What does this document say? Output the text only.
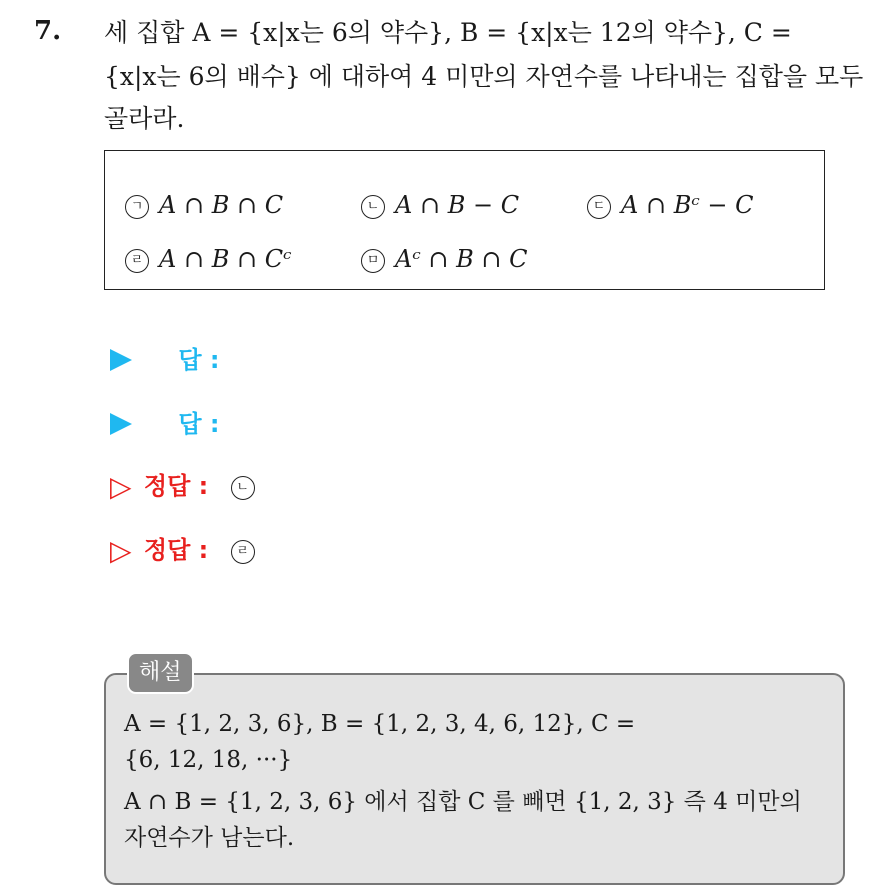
7. 세 집합 A = {x|x는 6의 약수}, B = {x|x는 12의 약수}, C =
{x|x는 6의 배수} 에 대하여 4 미만의 자연수를 나타내는 집합을 모두
골라라.
ㄱ A ∩ B ∩ C	ㄴ A ∩ B − C	ㄷ A ∩ Bᶜ − C
ㄹ A ∩ B ∩ Cᶜ	ㅁ Aᶜ ∩ B ∩ C
답 :
답 :
▷ 정답 : ㄴ
▷ 정답 : ㄹ
해설
A = {1, 2, 3, 6}, B = {1, 2, 3, 4, 6, 12}, C =
{6, 12, 18, ···}
A ∩ B = {1, 2, 3, 6} 에서 집합 C 를 빼면 {1, 2, 3} 즉 4 미만의
자연수가 남는다.
